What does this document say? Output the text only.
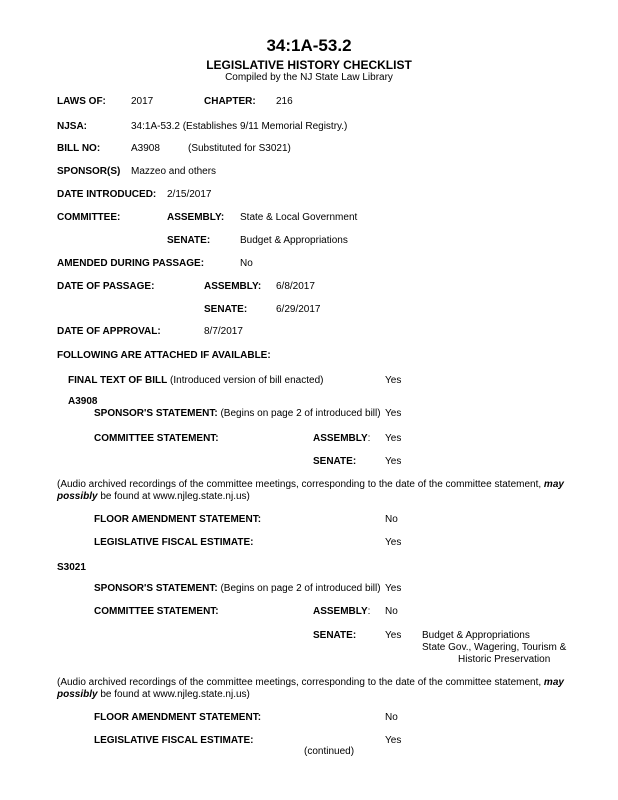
34:1A-53.2
LEGISLATIVE HISTORY CHECKLIST
Compiled by the NJ State Law Library
LAWS OF:	2017	CHAPTER: 216
NJSA:	34:1A-53.2 (Establishes 9/11 Memorial Registry.)
BILL NO:	A3908	(Substituted for S3021)
SPONSOR(S) Mazzeo and others
DATE INTRODUCED: 2/15/2017
COMMITTEE:	ASSEMBLY: State & Local Government
SENATE:	Budget & Appropriations
AMENDED DURING PASSAGE:	No
DATE OF PASSAGE:	ASSEMBLY: 6/8/2017
SENATE:	6/29/2017
DATE OF APPROVAL:	8/7/2017
FOLLOWING ARE ATTACHED IF AVAILABLE:
FINAL TEXT OF BILL (Introduced version of bill enacted)	Yes
A3908
SPONSOR'S STATEMENT: (Begins on page 2 of introduced bill) Yes
COMMITTEE STATEMENT:	ASSEMBLY: Yes
SENATE:	Yes
(Audio archived recordings of the committee meetings, corresponding to the date of the committee statement, may possibly be found at www.njleg.state.nj.us)
FLOOR AMENDMENT STATEMENT:	No
LEGISLATIVE FISCAL ESTIMATE:	Yes
S3021
SPONSOR'S STATEMENT: (Begins on page 2 of introduced bill) Yes
COMMITTEE STATEMENT:	ASSEMBLY: No
SENATE:	Yes Budget & Appropriations
State Gov., Wagering, Tourism &
Historic Preservation
(Audio archived recordings of the committee meetings, corresponding to the date of the committee statement, may possibly be found at www.njleg.state.nj.us)
FLOOR AMENDMENT STATEMENT:	No
LEGISLATIVE FISCAL ESTIMATE:	Yes
(continued)
